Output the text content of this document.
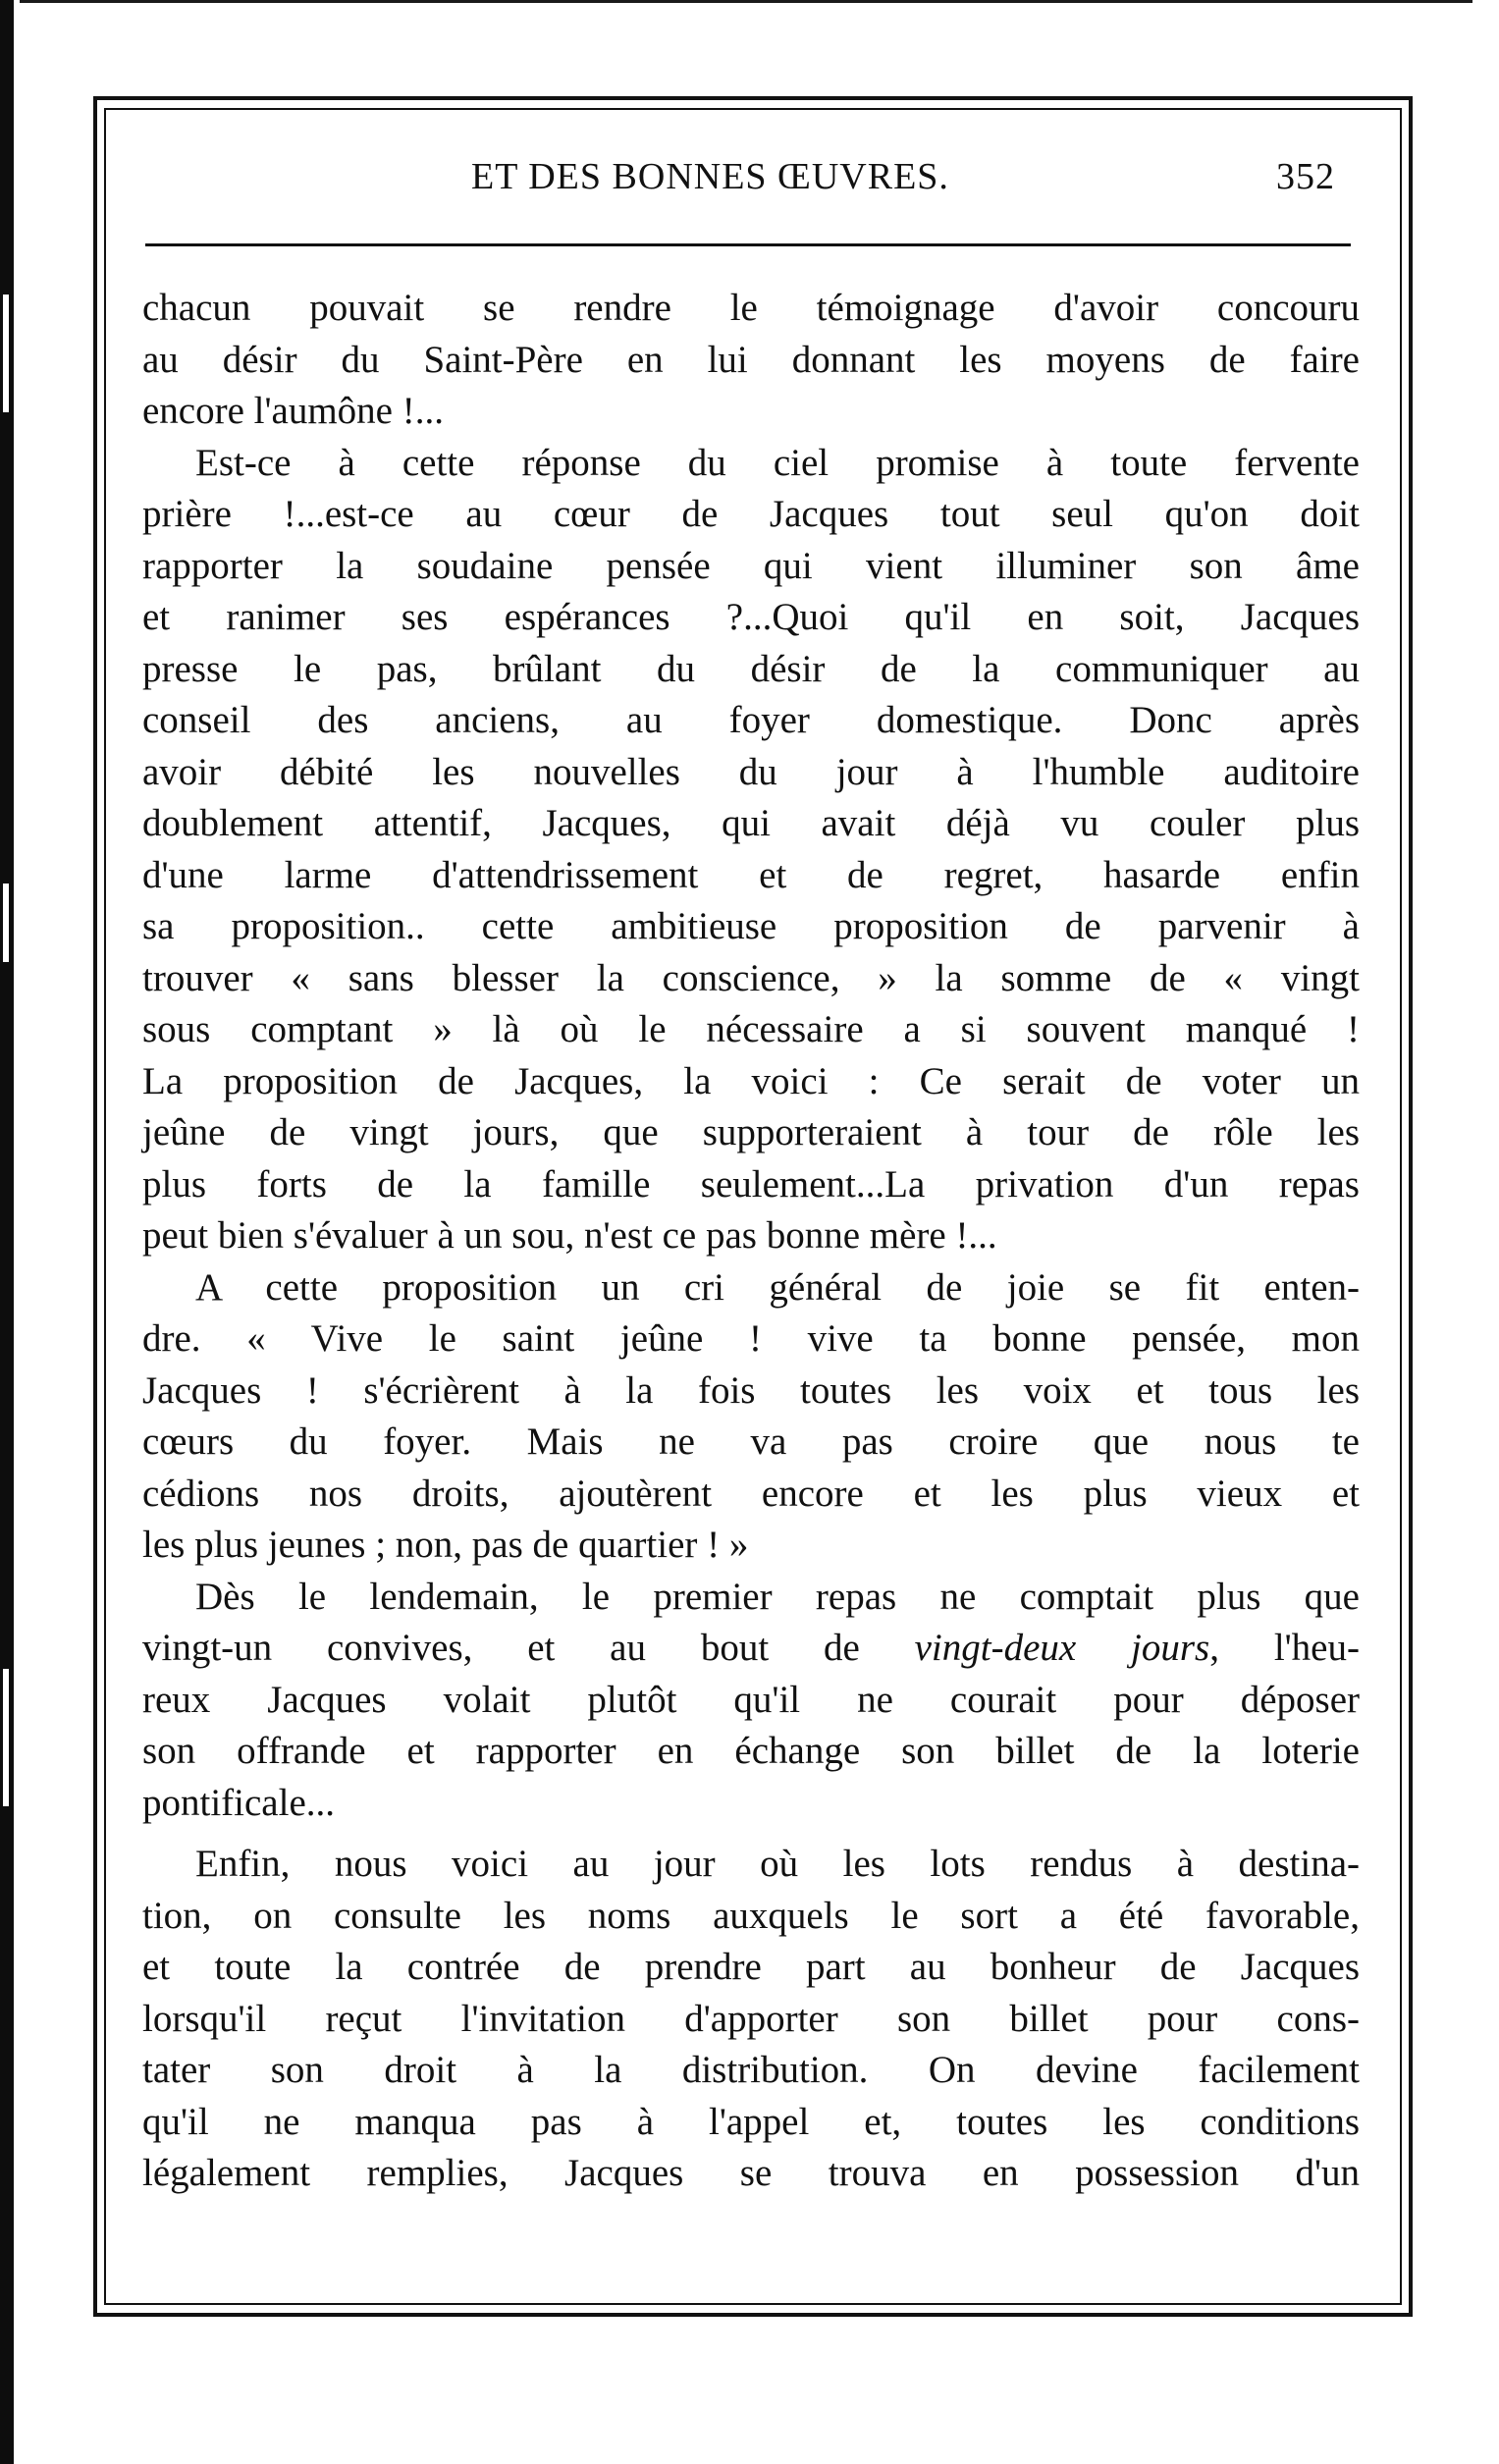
ET DES BONNES ŒUVRES.	352
chacun pouvait se rendre le témoignage d'avoir concouru
au désir du Saint-Père en lui donnant les moyens de faire
encore l'aumône !...
Est-ce à cette réponse du ciel promise à toute fervente
prière !...est-ce au cœur de Jacques tout seul qu'on doit
rapporter la soudaine pensée qui vient illuminer son âme
et ranimer ses espérances ?...Quoi qu'il en soit, Jacques
presse le pas, brûlant du désir de la communiquer au
conseil des anciens, au foyer domestique. Donc après
avoir débité les nouvelles du jour à l'humble auditoire
doublement attentif, Jacques, qui avait déjà vu couler plus
d'une larme d'attendrissement et de regret, hasarde enfin
sa proposition.. cette ambitieuse proposition de parvenir à
trouver « sans blesser la conscience, » la somme de « vingt
sous comptant » là où le nécessaire a si souvent manqué !
La proposition de Jacques, la voici : Ce serait de voter un
jeûne de vingt jours, que supporteraient à tour de rôle les
plus forts de la famille seulement...La privation d'un repas
peut bien s'évaluer à un sou, n'est ce pas bonne mère !...
A cette proposition un cri général de joie se fit enten-
dre. « Vive le saint jeûne ! vive ta bonne pensée, mon
Jacques ! s'écrièrent à la fois toutes les voix et tous les
cœurs du foyer. Mais ne va pas croire que nous te
cédions nos droits, ajoutèrent encore et les plus vieux et
les plus jeunes ; non, pas de quartier ! »
Dès le lendemain, le premier repas ne comptait plus que
vingt-un convives, et au bout de vingt-deux jours, l'heu-
reux Jacques volait plutôt qu'il ne courait pour déposer
son offrande et rapporter en échange son billet de la loterie
pontificale...
Enfin, nous voici au jour où les lots rendus à destina-
tion, on consulte les noms auxquels le sort a été favorable,
et toute la contrée de prendre part au bonheur de Jacques
lorsqu'il reçut l'invitation d'apporter son billet pour cons-
tater son droit à la distribution. On devine facilement
qu'il ne manqua pas à l'appel et, toutes les conditions
légalement remplies, Jacques se trouva en possession d'un
